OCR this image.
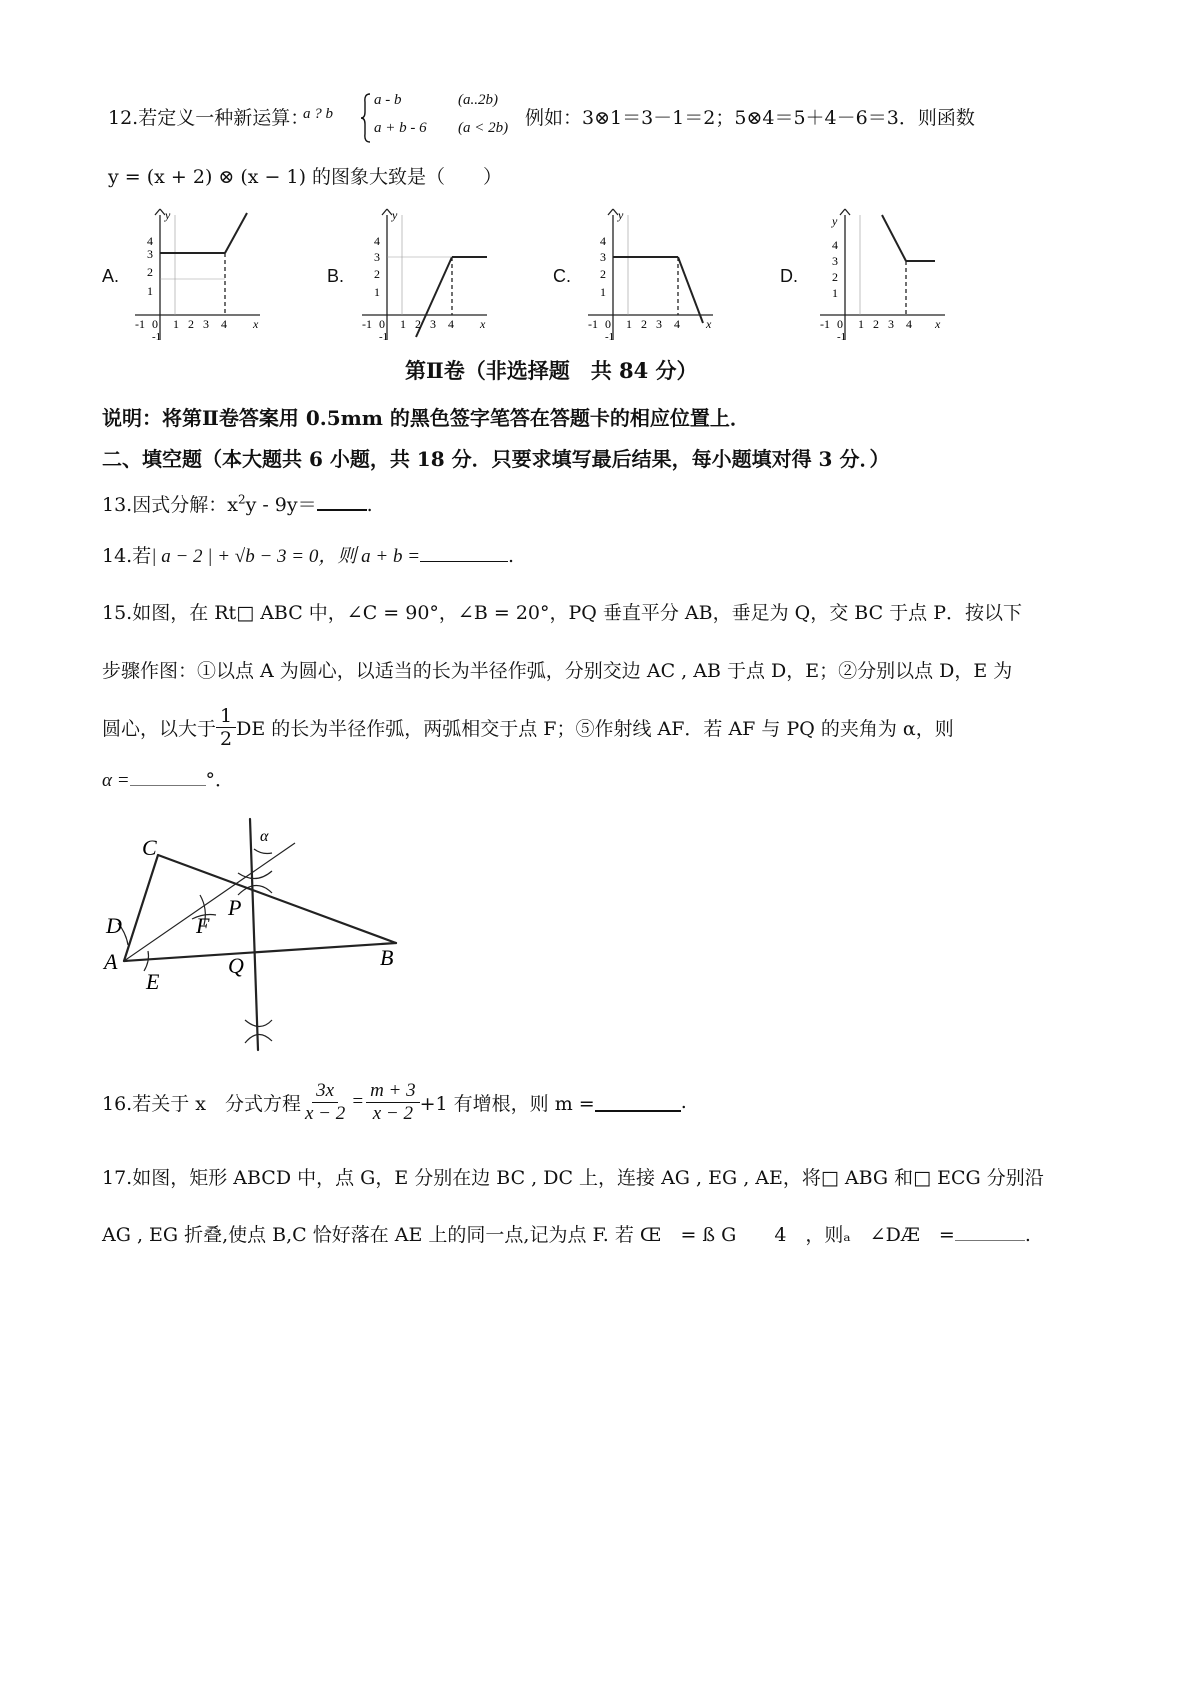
12.若定义一种新运算：
a ? b
a - b	(a..2b)
a + b - 6 (a < 2b) 例如：3⊗1＝3－1＝2；5⊗4＝5＋4－6＝3．则函数
y = (x + 2) ⊗ (x − 1) 的图象大致是（　　）
A.	B.	C.	D.
y
4
3
2
1
-1 0 1 2 3 4 x
-1
y
4
3
2
1
-1 0 1 2 3 4 x
-1
y
4
3
2
1
-1 0 1 2 3 4 x
-1
y
4
3
2
1
-1 0 1 2 3 4 x
-1
第Ⅱ卷（非选择题　共 84 分）
说明：将第Ⅱ卷答案用 0.5mm 的黑色签字笔答在答题卡的相应位置上．
二、填空题（本大题共 6 小题，共 18 分．只要求填写最后结果，每小题填对得 3 分．）
13.因式分解：$x^2y - 9y=$	.
14.若| a − 2 | + √b − 3 = 0，则 a + b =	.
15.如图，在 Rt□ ABC 中，∠C = 90°，∠B = 20°，PQ 垂直平分 AB，垂足为 Q，交 BC 于点 P．按以下
步骤作图：①以点 A 为圆心，以适当的长为半径作弧，分别交边 AC , AB 于点 D，E；②分别以点 D，E 为
圆心，以大于 $\frac{1}{2}$ DE 的长为半径作弧，两弧相交于点 F；⑤作射线 AF．若 AF 与 PQ 的夹角为 α，则
α =	°．
C
D
A
E
F
P
Q	B
α
16.若关于 x　分式方程 $\frac{3x}{x - 2} = \frac{m + 3}{x - 2} +1$ 有增根，则 m =	.
17.如图，矩形 ABCD 中，点 G，E 分别在边 BC , DC 上，连接 AG , EG , AE，将□ ABG 和□ ECG 分别沿
AG , EG 折叠,使点 B,C 恰好落在 AE 上的同一点,记为点 F. 若 Œ　= ß G　　4　，则ₐ　∠DÆ　=	.
